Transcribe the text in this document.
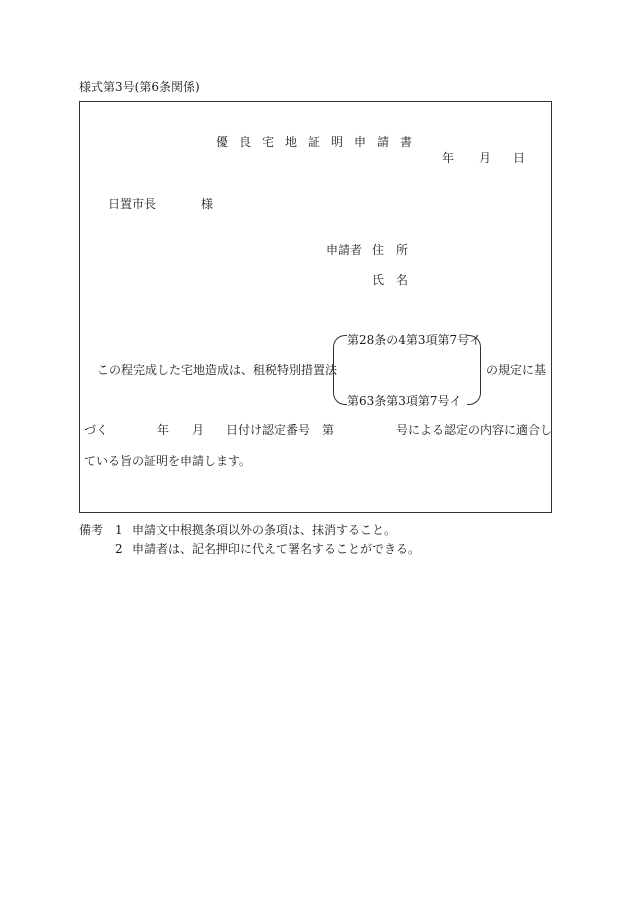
様式第3号(第6条関係)
優良宅地証明申請書
年 月 日
日置市長	様
申請者 住　所
氏　名
第28条の4第3項第7号イ
第63条第3項第7号イ
この程完成した宅地造成は、租税特別措置法	の規定に基
づく	年 月 日付け認定番号　第	号による認定の内容に適合し
ている旨の証明を申請します。
備考 1 申請文中根拠条項以外の条項は、抹消すること。
2 申請者は、記名押印に代えて署名することができる。
